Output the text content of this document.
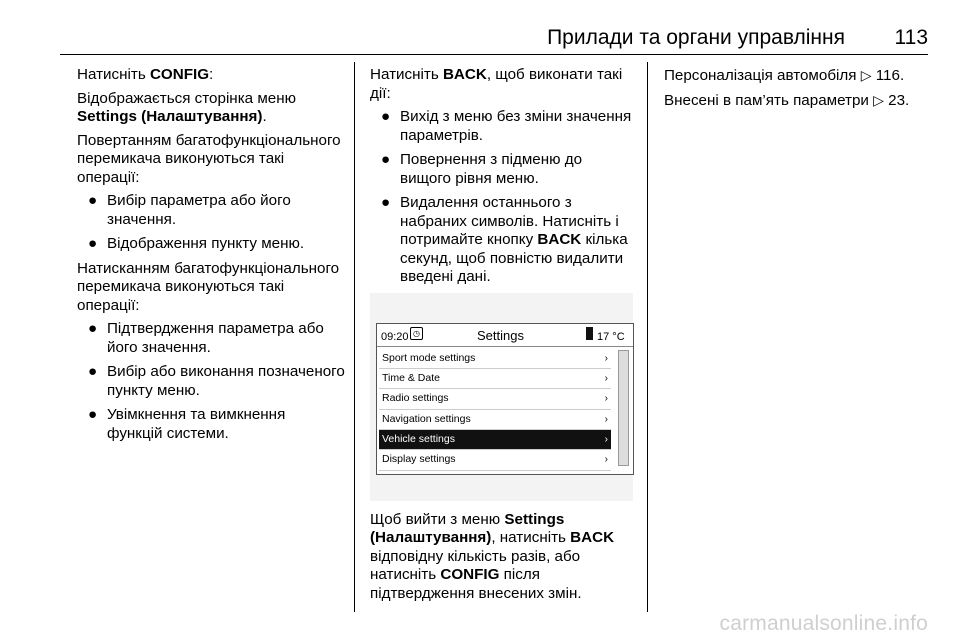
Прилади та органи управління 113

Натисніть CONFIG:

Відображається сторінка меню Settings (Налаштування).

Повертанням багатофункціонального перемикача виконуються такі операції:

● Вибір параметра або його значення.
● Відображення пункту меню.

Натисканням багатофункціонального перемикача виконуються такі операції:

● Підтвердження параметра або його значення.
● Вибір або виконання позначеного пункту меню.
● Увімкнення та вимкнення функцій системи.

Натисніть BACK, щоб виконати такі дії:

● Вихід з меню без зміни значення параметрів.
● Повернення з підменю до вищого рівня меню.
● Видалення останнього з набраних символів. Натисніть і потримайте кнопку BACK кілька секунд, щоб повністю видалити введені дані.
09:20 ◷	Settings	17 °C
Sport mode settings	›
Time & Date	›
Radio settings	›
Navigation settings	›
Vehicle settings	›
Display settings	›

Щоб вийти з меню Settings (Налаштування), натисніть BACK відповідну кількість разів, або натисніть CONFIG після підтвердження внесених змін.

Персоналізація автомобіля ▷ 116.

Внесені в пам’ять параметри ▷ 23.

carmanualsonline.info
